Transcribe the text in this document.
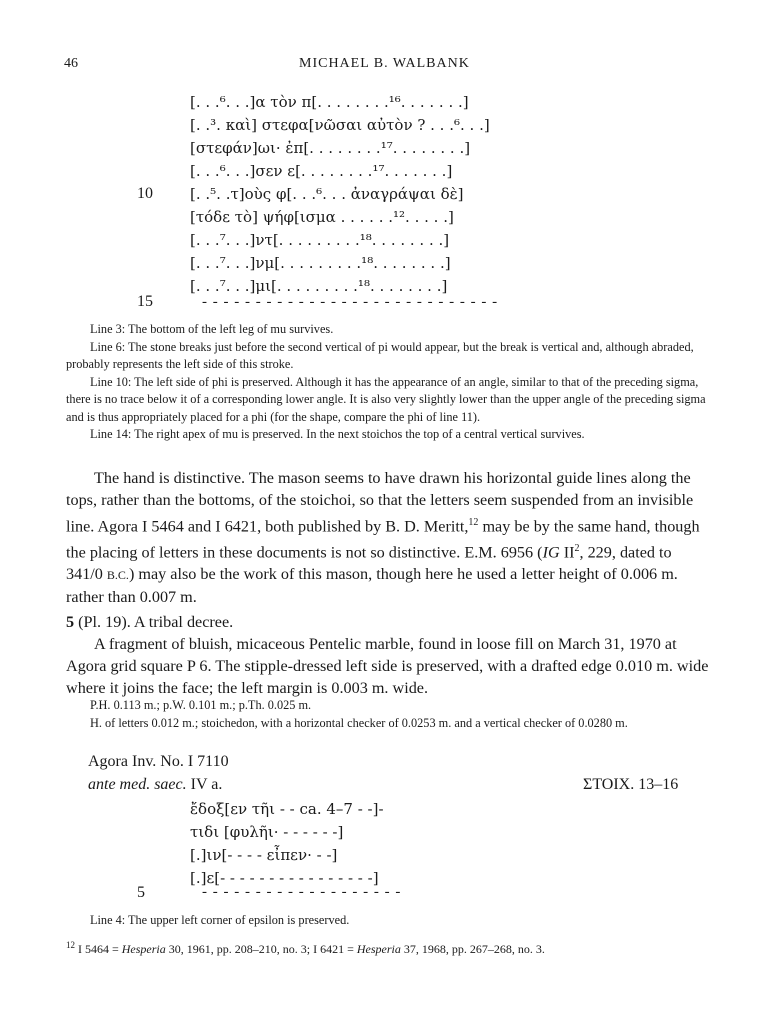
46	MICHAEL B. WALBANK
[. . .⁶. . .]α τὸν π[. . . . . . . .¹⁶. . . . . . .]
[. .³. καὶ] στεφα[νῶσαι αὐτὸν ? . . .⁶. . .]
[στεφάν]ωι· ἐπ[. . . . . . . .¹⁷. . . . . . . .]
[. . .⁶. . .]σεν ε[. . . . . . . .¹⁷. . . . . . .]
[. .⁵. .τ]οὺς φ[. . .⁶. . . ἀναγράψαι δὲ]
[τόδε τὸ] ψήφ[ισμα . . . . . .¹². . . . .]
[. . .⁷. . .]ντ[. . . . . . . . .¹⁸. . . . . . . .]
[. . .⁷. . .]νμ[. . . . . . . . .¹⁸. . . . . . . .]
[. . .⁷. . .]μι[. . . . . . . . .¹⁸. . . . . . . .]
- - - - - - - - - - - - - - - - - - - - - - - - - - - -
10
15

Line 3: The bottom of the left leg of mu survives.

Line 6: The stone breaks just before the second vertical of pi would appear, but the break is vertical and, although abraded, probably represents the left side of this stroke.

Line 10: The left side of phi is preserved. Although it has the appearance of an angle, similar to that of the preceding sigma, there is no trace below it of a corresponding lower angle. It is also very slightly lower than the upper angle of the preceding sigma and is thus appropriately placed for a phi (for the shape, compare the phi of line 11).

Line 14: The right apex of mu is preserved. In the next stoichos the top of a central vertical survives.

The hand is distinctive. The mason seems to have drawn his horizontal guide lines along the tops, rather than the bottoms, of the stoichoi, so that the letters seem suspended from an invisible line. Agora I 5464 and I 6421, both published by B. D. Meritt,$^{12}$ may be by the same hand, though the placing of letters in these documents is not so distinctive. E.M. 6956 (IG $II^2$, 229, dated to 341/0 B.C.) may also be the work of this mason, though here he used a letter height of 0.006 m. rather than 0.007 m.

5 (Pl. 19). A tribal decree.

A fragment of bluish, micaceous Pentelic marble, found in loose fill on March 31, 1970 at Agora grid square P 6. The stipple-dressed left side is preserved, with a drafted edge 0.010 m. wide where it joins the face; the left margin is 0.003 m. wide.

P.H. 0.113 m.; p.W. 0.101 m.; p.Th. 0.025 m.

H. of letters 0.012 m.; stoichedon, with a horizontal checker of 0.0253 m. and a vertical checker of 0.0280 m.

Agora Inv. No. I 7110
ante med. saec. IV a.	ΣΤΟΙΧ. 13–16
ἔδοξ[εν τῆι - - ca. 4–7 - -]-
τιδι [φυλῆι· - - - - - -]
[.]ιν[- - - - εἶπεν· - -]
[.]ε[- - - - - - - - - - - - - - - -]
- - - - - - - - - - - - - - - - - - -
5

Line 4: The upper left corner of epsilon is preserved.

$^{12}$ I 5464 = Hesperia 30, 1961, pp. 208–210, no. 3; I 6421 = Hesperia 37, 1968, pp. 267–268, no. 3.
